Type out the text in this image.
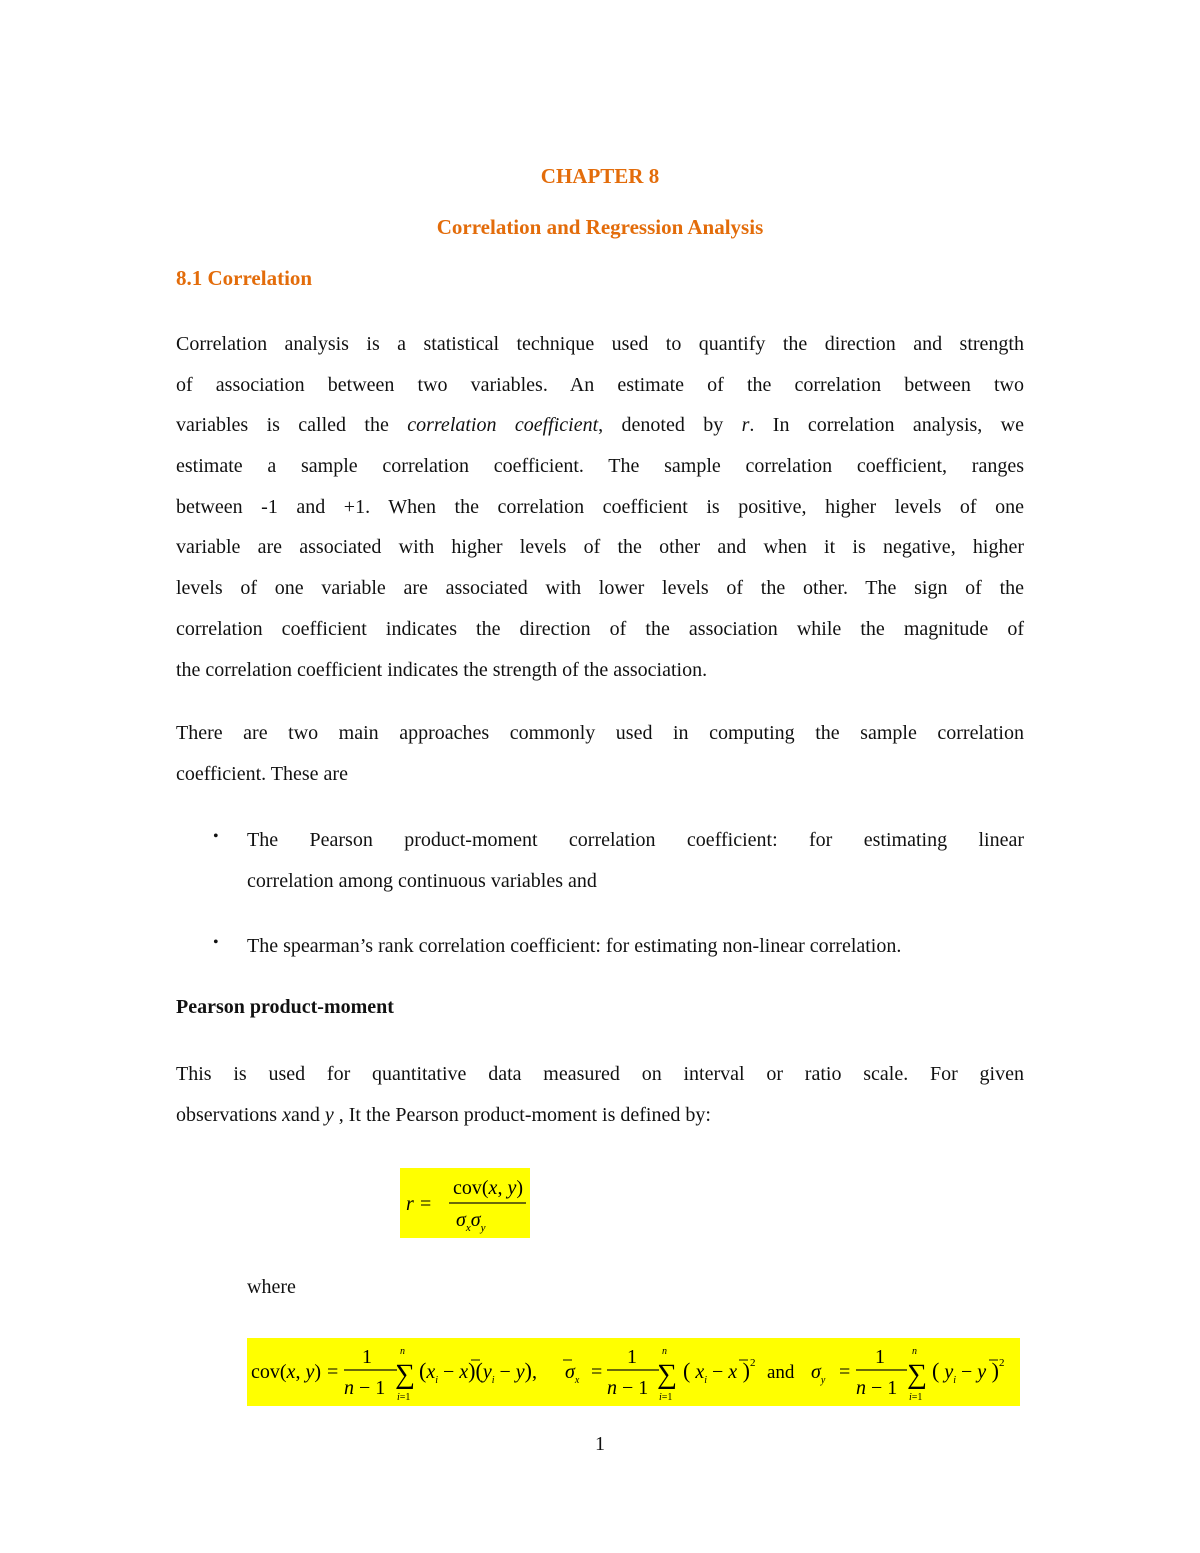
CHAPTER 8
Correlation and Regression Analysis
8.1 Correlation
Correlation analysis is a statistical technique used to quantify the direction and strength
of association between two variables. An estimate of the correlation between two
variables is called the correlation coefficient, denoted by r. In correlation analysis, we
estimate a sample correlation coefficient. The sample correlation coefficient, ranges
between -1 and +1. When the correlation coefficient is positive, higher levels of one
variable are associated with higher levels of the other and when it is negative, higher
levels of one variable are associated with lower levels of the other. The sign of the
correlation coefficient indicates the direction of the association while the magnitude of
the correlation coefficient indicates the strength of the association.
There are two main approaches commonly used in computing the sample correlation
coefficient. These are
• The Pearson product-moment correlation coefficient: for estimating linear
correlation among continuous variables and
• The spearman’s rank correlation coefficient: for estimating non-linear correlation.
Pearson product-moment
This is used for quantitative data measured on interval or ratio scale. For given
observations xand y , It the Pearson product-moment is defined by:
r =
cov(x, y)
$\sigma_x\sigma_y$
where
cov(x, y) =
1
n − 1
n
∑
i=1
$(x_i - x)(y_i - y)$, $\sigma_x$ =
1
n − 1
n
∑
i=1
( $x_i - x$ )$^2$ and $\sigma_y$ =
1
n − 1
n
∑
i=1
( $y_i - y$ )$^2$
1
